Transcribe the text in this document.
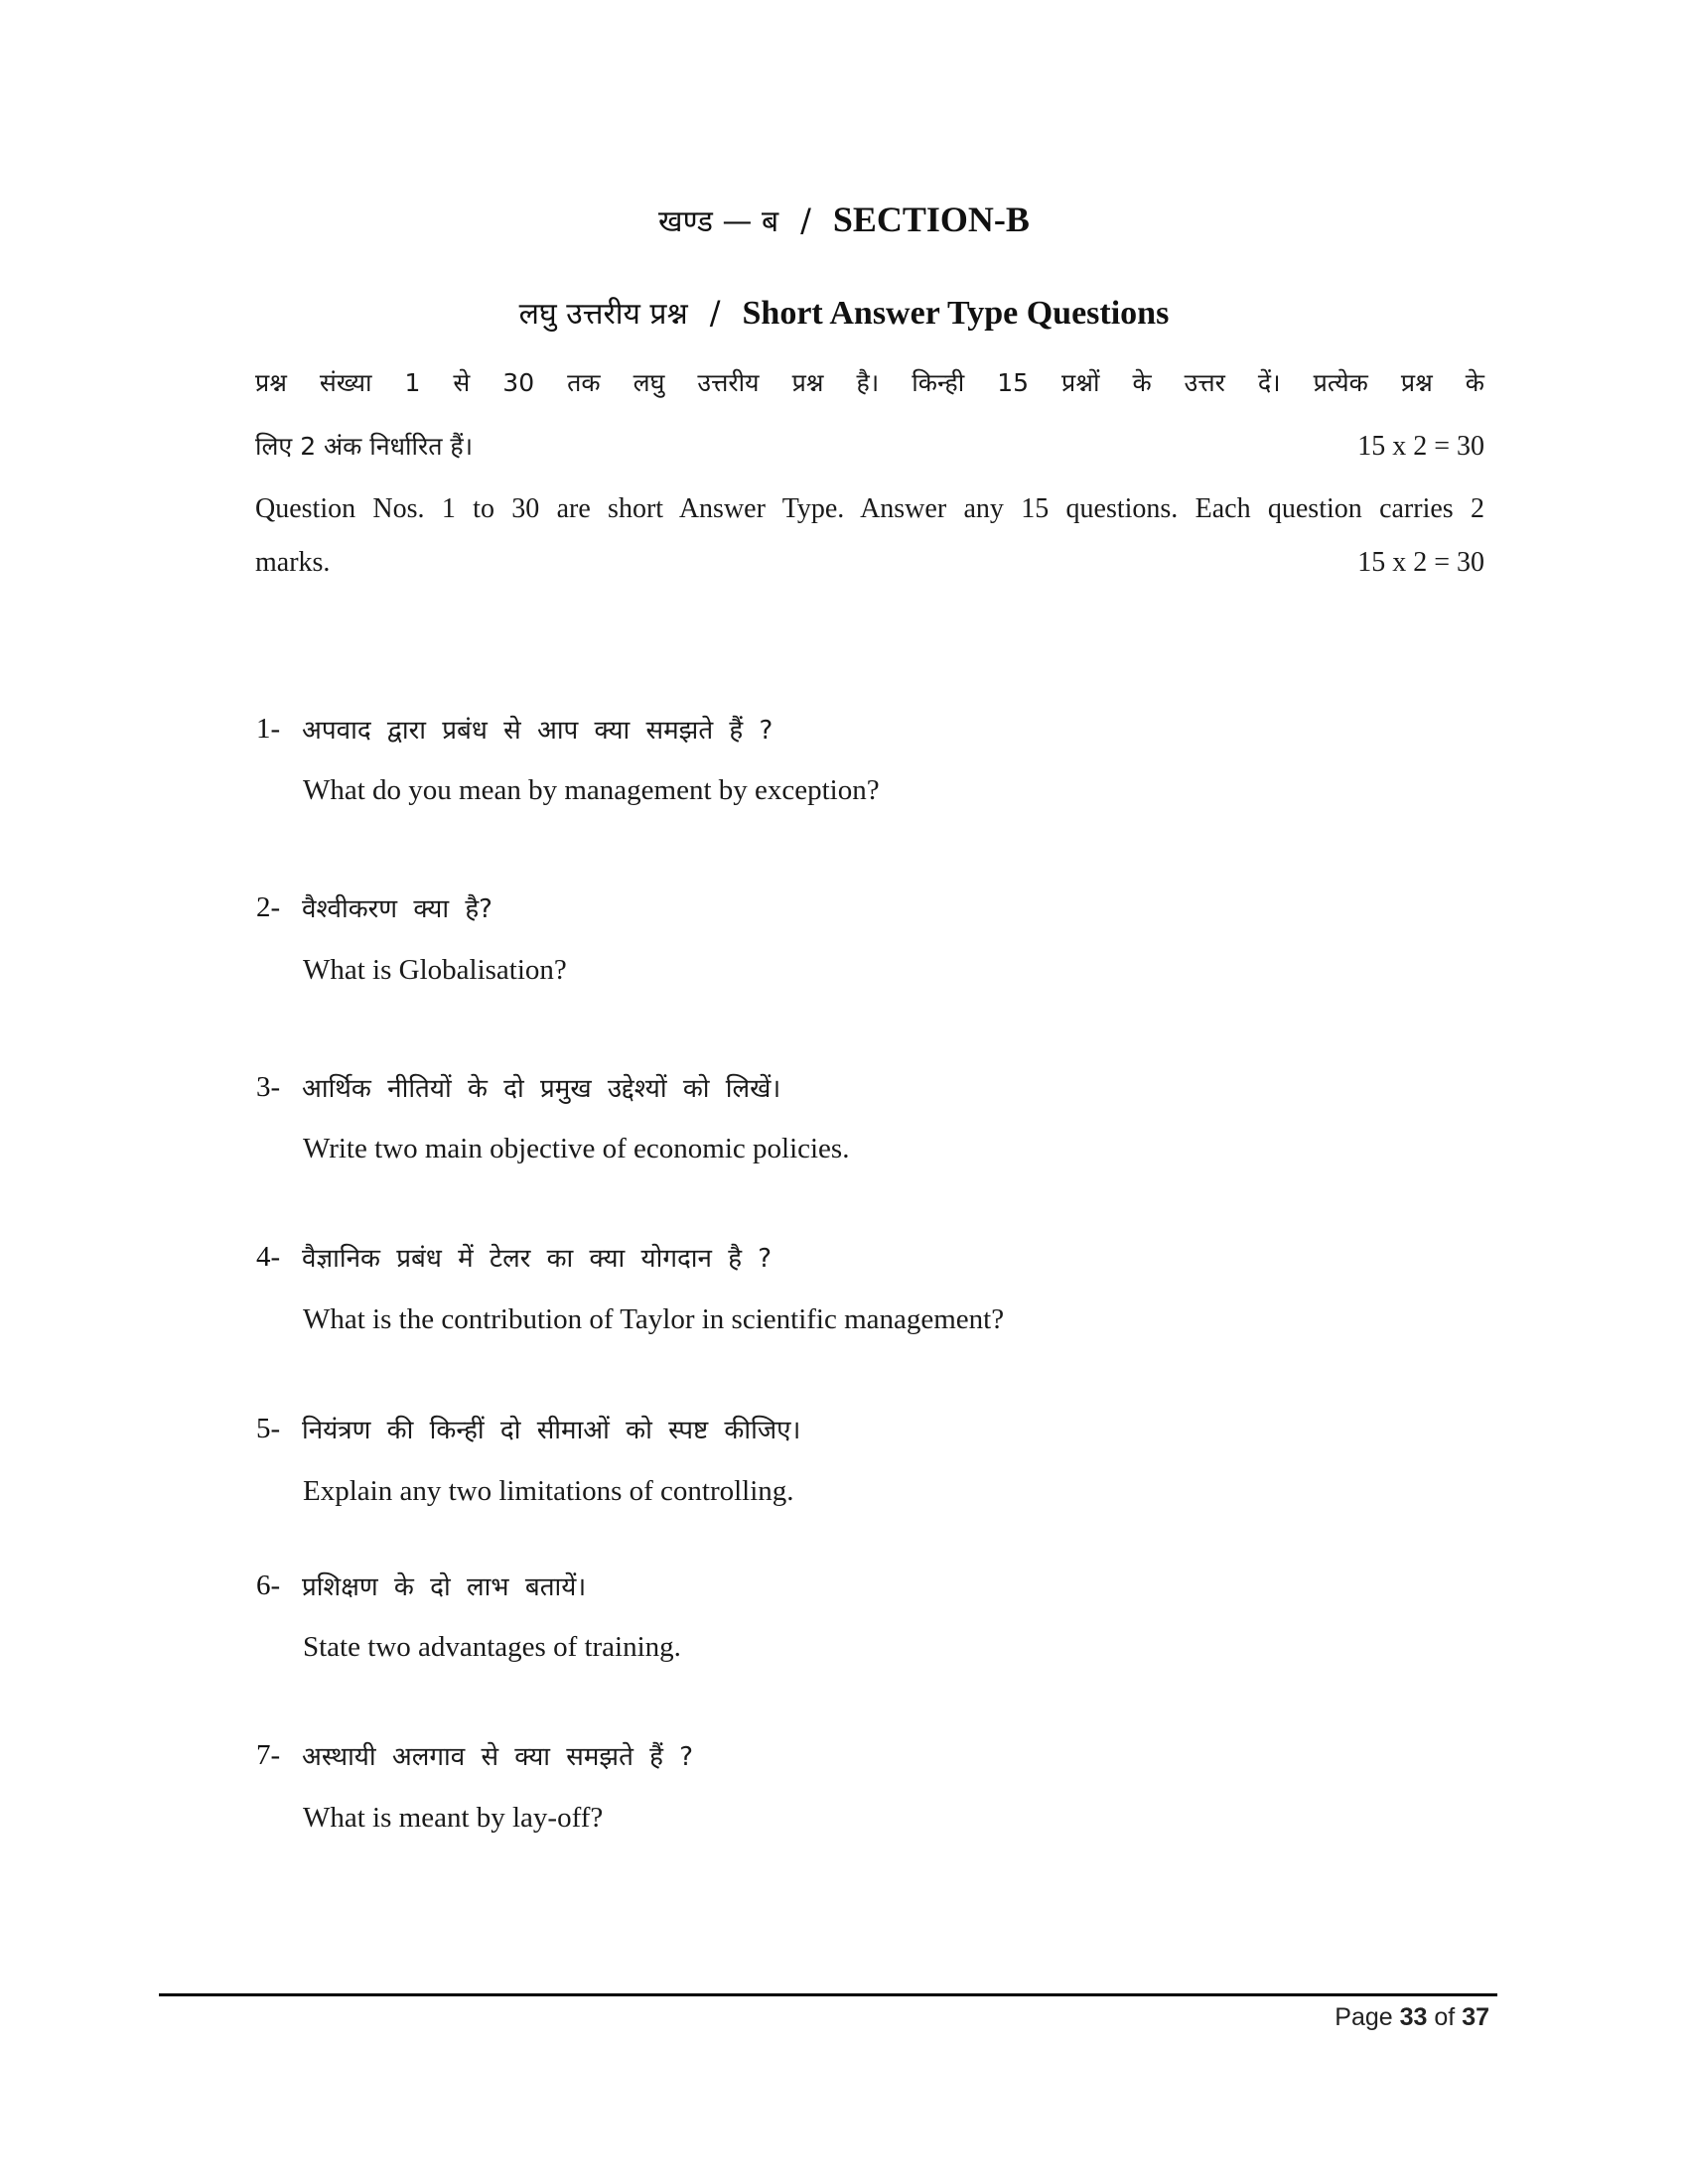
खण्ड — ब / SECTION-B
लघु उत्तरीय प्रश्न / Short Answer Type Questions
प्रश्न संख्या 1 से 30 तक लघु उत्तरीय प्रश्न है। किन्ही 15 प्रश्नों के उत्तर दें। प्रत्येक प्रश्न के
लिए 2 अंक निर्धारित हैं।	15 x 2 = 30
Question Nos. 1 to 30 are short Answer Type. Answer any 15 questions. Each question carries 2
marks.	15 x 2 = 30
1- अपवाद द्वारा प्रबंध से आप क्या समझते हैं ?
What do you mean by management by exception?
2- वैश्वीकरण क्या है?
What is Globalisation?
3- आर्थिक नीतियों के दो प्रमुख उद्देश्यों को लिखें।
Write two main objective of economic policies.
4- वैज्ञानिक प्रबंध में टेलर का क्या योगदान है ?
What is the contribution of Taylor in scientific management?
5- नियंत्रण की किन्हीं दो सीमाओं को स्पष्ट कीजिए।
Explain any two limitations of controlling.
6- प्रशिक्षण के दो लाभ बतायें।
State two advantages of training.
7- अस्थायी अलगाव से क्या समझते हैं ?
What is meant by lay-off?
Page 33 of 37
